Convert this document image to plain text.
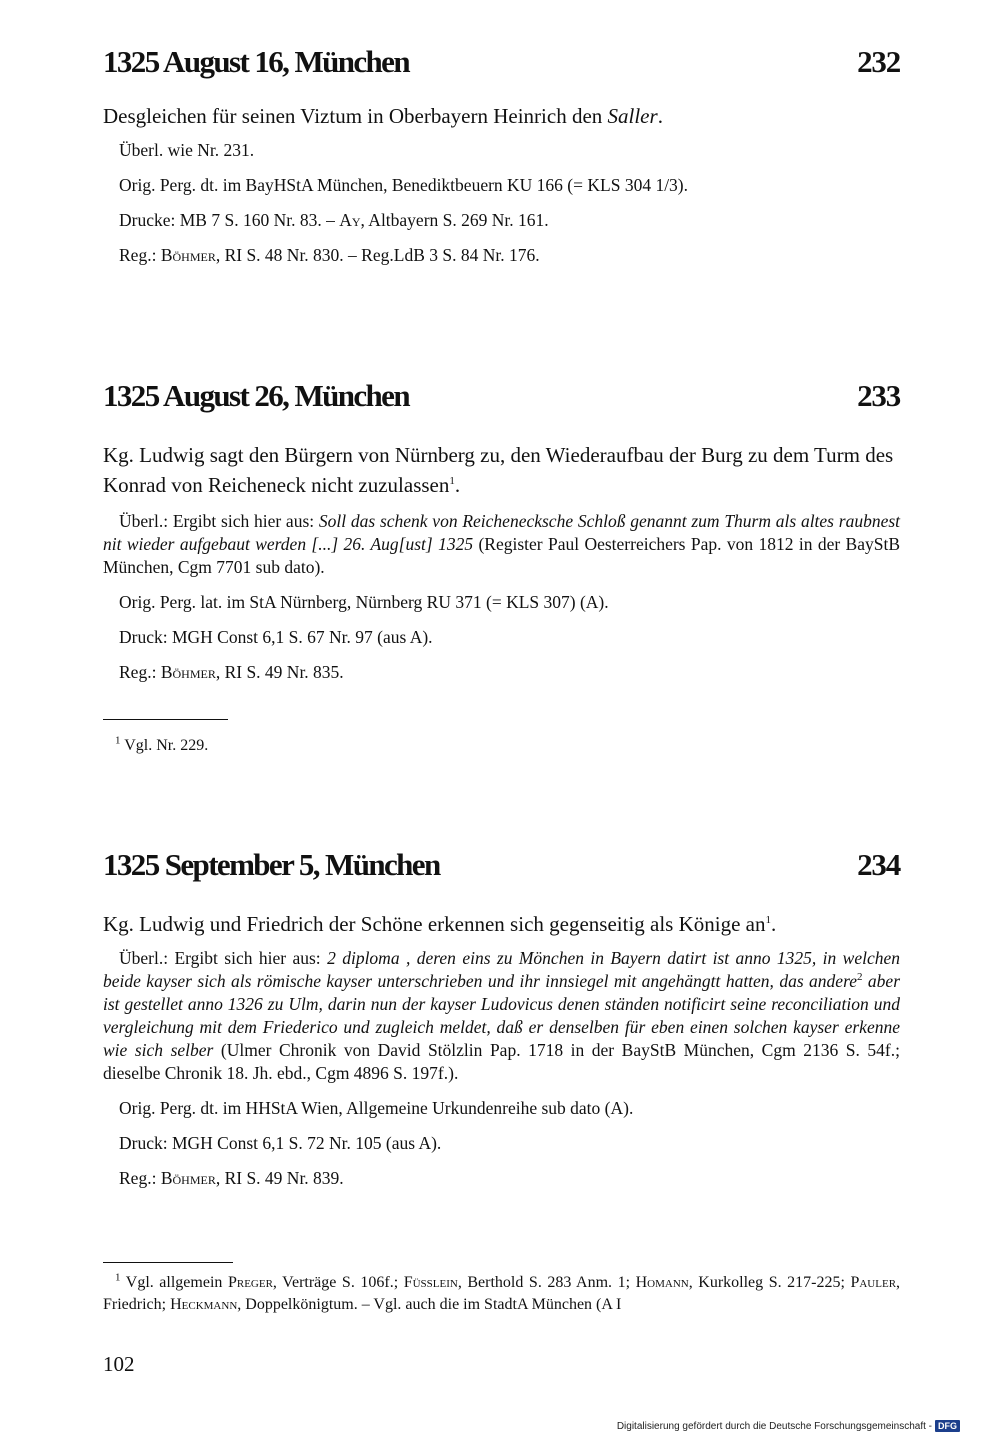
1325 August 16, München	232

Desgleichen für seinen Viztum in Oberbayern Heinrich den Saller.

Überl. wie Nr. 231.

Orig. Perg. dt. im BayHStA München, Benediktbeuern KU 166 (= KLS 304 1/3).

Drucke: MB 7 S. 160 Nr. 83. – Ay, Altbayern S. 269 Nr. 161.

Reg.: Böhmer, RI S. 48 Nr. 830. – Reg.LdB 3 S. 84 Nr. 176.

1325 August 26, München	233

Kg. Ludwig sagt den Bürgern von Nürnberg zu, den Wiederaufbau der Burg zu dem Turm des Konrad von Reicheneck nicht zuzulassen$^1$.

Überl.: Ergibt sich hier aus: Soll das schenk von Reichenecksche Schloß genannt zum Thurm als altes raubnest nit wieder aufgebaut werden [...] 26. Aug[ust] 1325 (Register Paul Oesterreichers Pap. von 1812 in der BayStB München, Cgm 7701 sub dato).

Orig. Perg. lat. im StA Nürnberg, Nürnberg RU 371 (= KLS 307) (A).

Druck: MGH Const 6,1 S. 67 Nr. 97 (aus A).

Reg.: Böhmer, RI S. 49 Nr. 835.

$^1$ Vgl. Nr. 229.
1325 September 5, München	234

Kg. Ludwig und Friedrich der Schöne erkennen sich gegenseitig als Könige $an^1$.

Überl.: Ergibt sich hier aus: 2 diploma , deren eins zu Mönchen in Bayern datirt ist anno 1325, in welchen beide kayser sich als römische kayser unterschrieben und ihr innsiegel mit angehängtt hatten, das andere$^2$ aber ist gestellet anno 1326 zu Ulm, darin nun der kayser Ludovicus denen ständen notificirt seine reconciliation und vergleichung mit dem Friederico und zugleich meldet, daß er denselben für eben einen solchen kayser erkenne wie sich selber (Ulmer Chronik von David Stölzlin Pap. 1718 in der BayStB München, Cgm 2136 S. 54f.; dieselbe Chronik 18. Jh. ebd., Cgm 4896 S. 197f.).

Orig. Perg. dt. im HHStA Wien, Allgemeine Urkundenreihe sub dato (A).

Druck: MGH Const 6,1 S. 72 Nr. 105 (aus A).

Reg.: Böhmer, RI S. 49 Nr. 839.

$^1$ Vgl. allgemein Preger, Verträge S. 106f.; Füsslein, Berthold S. 283 Anm. 1; Homann, Kurkolleg S. 217-225; Pauler, Friedrich; Heckmann, Doppelkönigtum. – Vgl. auch die im StadtA München (A I
102
Digitalisierung gefördert durch die Deutsche Forschungsgemeinschaft - DFG
